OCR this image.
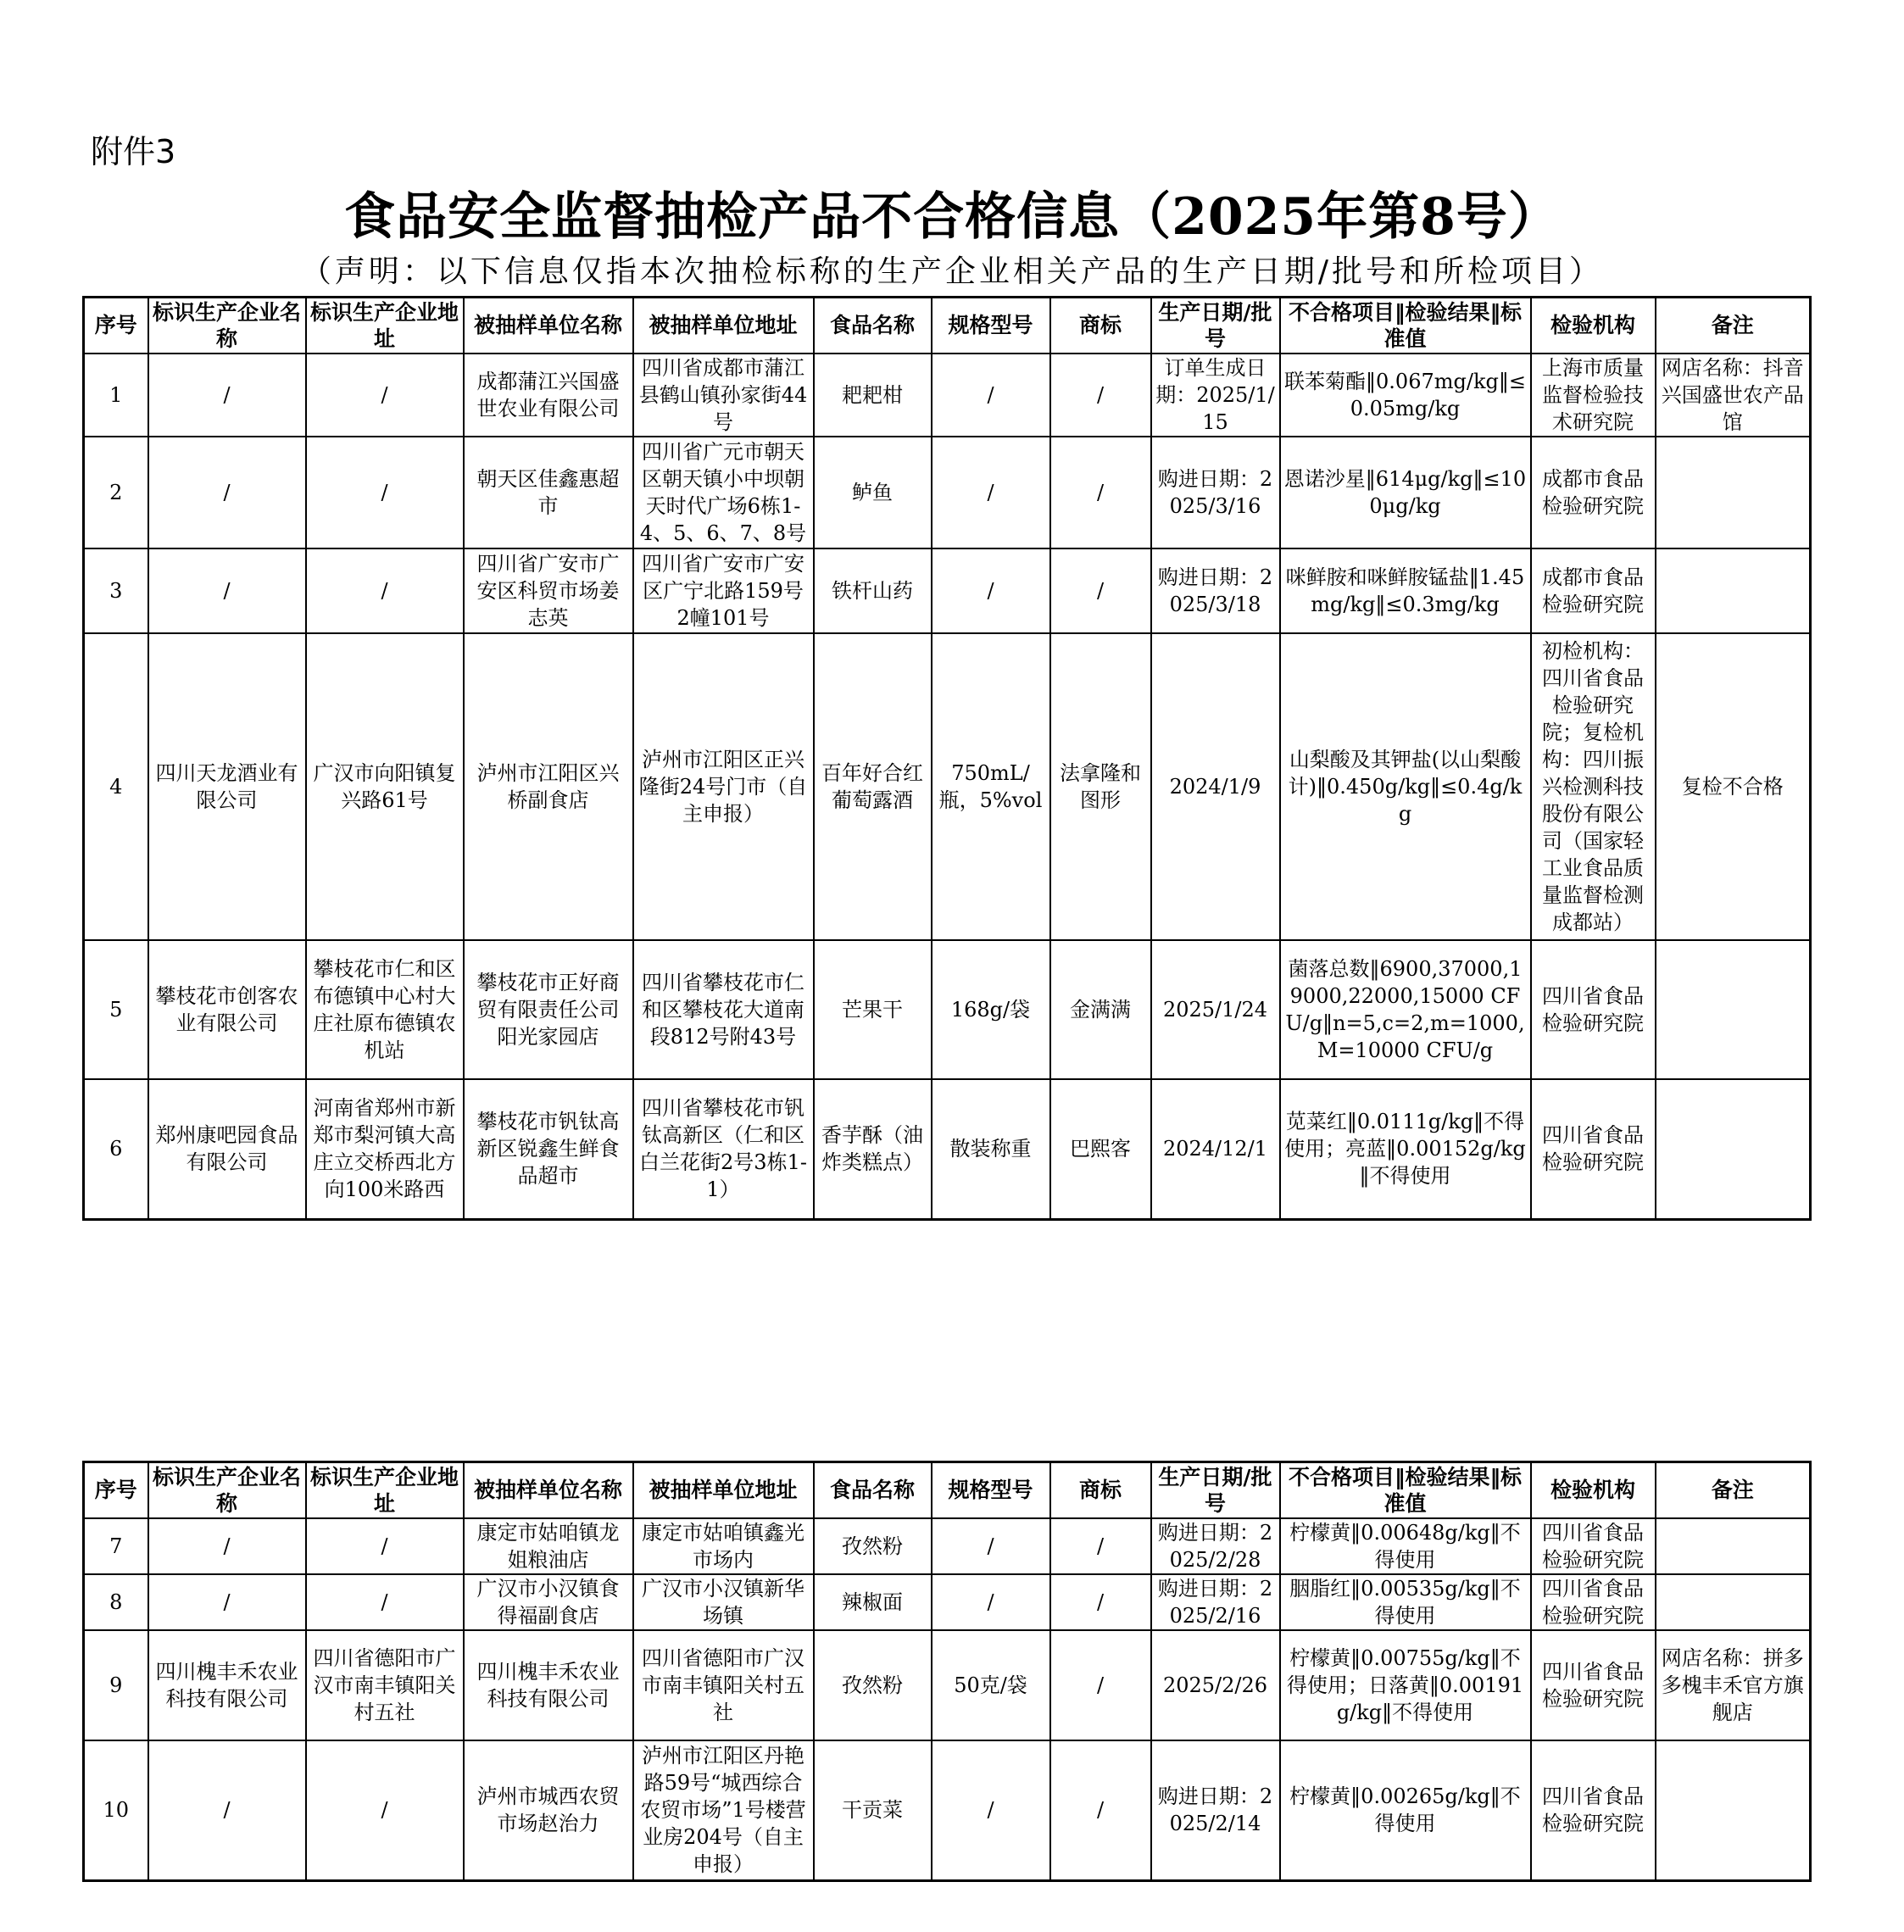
附件3
食品安全监督抽检产品不合格信息（2025年第8号）
（声明：以下信息仅指本次抽检标称的生产企业相关产品的生产日期/批号和所检项目）
序号	标识生产企业名称	标识生产企业地址	被抽样单位名称	被抽样单位地址	食品名称	规格型号	商标	生产日期/批号	不合格项目‖检验结果‖标准值	检验机构	备注
1	/	/	成都蒲江兴国盛世农业有限公司	四川省成都市蒲江县鹤山镇孙家街44号	耙耙柑	/	/	订单生成日期：2025/1/15	联苯菊酯‖0.067mg/kg‖≤0.05mg/kg	上海市质量监督检验技术研究院	网店名称：抖音兴国盛世农产品馆
2	/	/	朝天区佳鑫惠超市	四川省广元市朝天区朝天镇小中坝朝天时代广场6栋1-4、5、6、7、8号	鲈鱼	/	/	购进日期：2025/3/16	恩诺沙星‖614μg/kg‖≤100μg/kg	成都市食品检验研究院	
3	/	/	四川省广安市广安区科贸市场姜志英	四川省广安市广安区广宁北路159号2幢101号	铁杆山药	/	/	购进日期：2025/3/18	咪鲜胺和咪鲜胺锰盐‖1.45mg/kg‖≤0.3mg/kg	成都市食品检验研究院	
4	四川天龙酒业有限公司	广汉市向阳镇复兴路61号	泸州市江阳区兴桥副食店	泸州市江阳区正兴隆街24号门市（自主申报）	百年好合红葡萄露酒	750mL/瓶，5%vol	法拿隆和图形	2024/1/9	山梨酸及其钾盐(以山梨酸计)‖0.450g/kg‖≤0.4g/kg	初检机构：四川省食品检验研究院；复检机构：四川振兴检测科技股份有限公司（国家轻工业食品质量监督检测成都站）	复检不合格
5	攀枝花市创客农业有限公司	攀枝花市仁和区布德镇中心村大庄社原布德镇农机站	攀枝花市正好商贸有限责任公司阳光家园店	四川省攀枝花市仁和区攀枝花大道南段812号附43号	芒果干	168g/袋	金满满	2025/1/24	菌落总数‖6900,37000,19000,22000,15000 CFU/g‖n=5,c=2,m=1000,M=10000 CFU/g	四川省食品检验研究院	
6	郑州康吧园食品有限公司	河南省郑州市新郑市梨河镇大高庄立交桥西北方向100米路西	攀枝花市钒钛高新区锐鑫生鲜食品超市	四川省攀枝花市钒钛高新区（仁和区白兰花街2号3栋1-1）	香芋酥（油炸类糕点）	散装称重	巴熙客	2024/12/1	苋菜红‖0.0111g/kg‖不得使用；亮蓝‖0.00152g/kg‖不得使用	四川省食品检验研究院	
序号	标识生产企业名称	标识生产企业地址	被抽样单位名称	被抽样单位地址	食品名称	规格型号	商标	生产日期/批号	不合格项目‖检验结果‖标准值	检验机构	备注
7	/	/	康定市姑咱镇龙姐粮油店	康定市姑咱镇鑫光市场内	孜然粉	/	/	购进日期：2025/2/28	柠檬黄‖0.00648g/kg‖不得使用	四川省食品检验研究院	
8	/	/	广汉市小汉镇食得福副食店	广汉市小汉镇新华场镇	辣椒面	/	/	购进日期：2025/2/16	胭脂红‖0.00535g/kg‖不得使用	四川省食品检验研究院	
9	四川槐丰禾农业科技有限公司	四川省德阳市广汉市南丰镇阳关村五社	四川槐丰禾农业科技有限公司	四川省德阳市广汉市南丰镇阳关村五社	孜然粉	50克/袋	/	2025/2/26	柠檬黄‖0.00755g/kg‖不得使用；日落黄‖0.00191g/kg‖不得使用	四川省食品检验研究院	网店名称：拼多多槐丰禾官方旗舰店
10	/	/	泸州市城西农贸市场赵治力	泸州市江阳区丹艳路59号“城西综合农贸市场”1号楼营业房204号（自主申报）	干贡菜	/	/	购进日期：2025/2/14	柠檬黄‖0.00265g/kg‖不得使用	四川省食品检验研究院	
